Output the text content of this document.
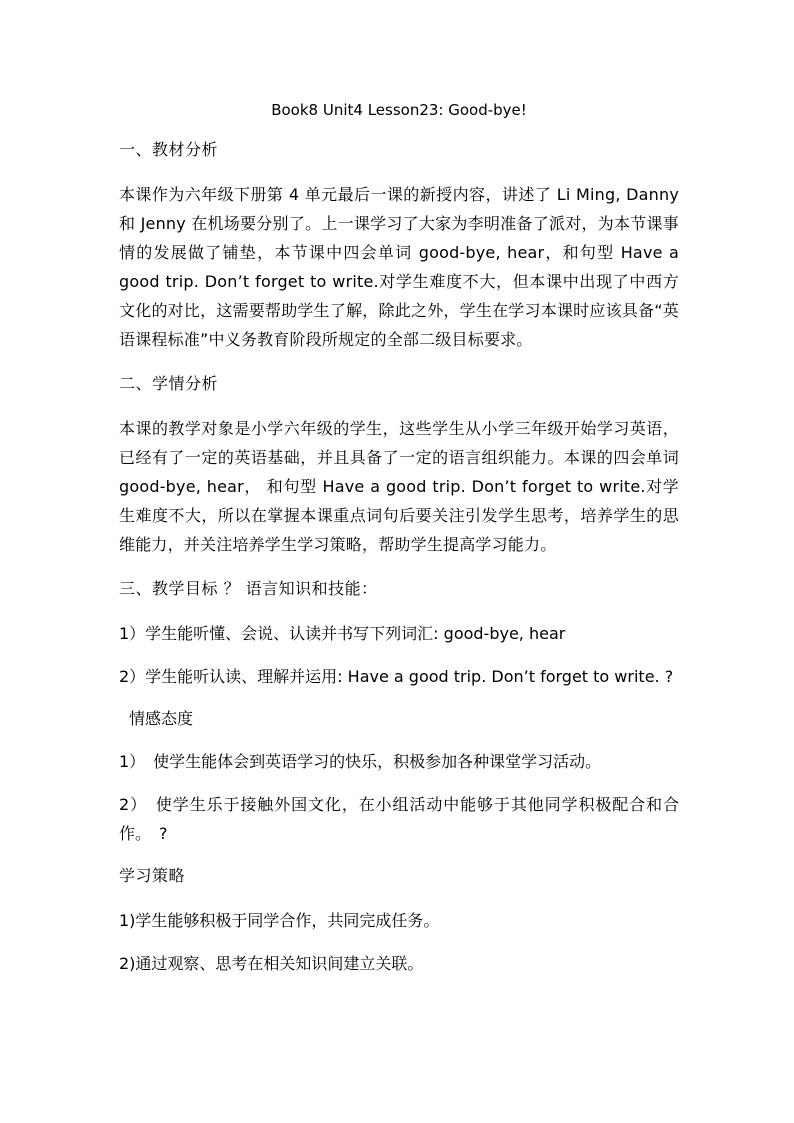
Book8 Unit4 Lesson23: Good-bye!
一、教材分析
本课作为六年级下册第 4 单元最后一课的新授内容，讲述了 Li Ming, Danny 和 Jenny 在机场要分别了。上一课学习了大家为李明准备了派对，为本节课事情的发展做了铺垫，本节课中四会单词 good-bye, hear，和句型 Have a good trip. Don’t forget to write.对学生难度不大，但本课中出现了中西方文化的对比，这需要帮助学生了解，除此之外，学生在学习本课时应该具备“英语课程标准”中义务教育阶段所规定的全部二级目标要求。
二、学情分析
本课的教学对象是小学六年级的学生，这些学生从小学三年级开始学习英语，已经有了一定的英语基础，并且具备了一定的语言组织能力。本课的四会单词 good-bye, hear， 和句型 Have a good trip. Don’t forget to write.对学生难度不大，所以在掌握本课重点词句后要关注引发学生思考，培养学生的思维能力，并关注培养学生学习策略，帮助学生提高学习能力。
三、教学目标 ？ 语言知识和技能：
1）学生能听懂、会说、认读并书写下列词汇: good-bye, hear
2）学生能听认读、理解并运用: Have a good trip. Don’t forget to write. ?
情感态度
1）　使学生能体会到英语学习的快乐，积极参加各种课堂学习活动。
2）　使学生乐于接触外国文化，在小组活动中能够于其他同学积极配合和合作。　?
学习策略
1)学生能够积极于同学合作，共同完成任务。
2)通过观察、思考在相关知识间建立关联。
